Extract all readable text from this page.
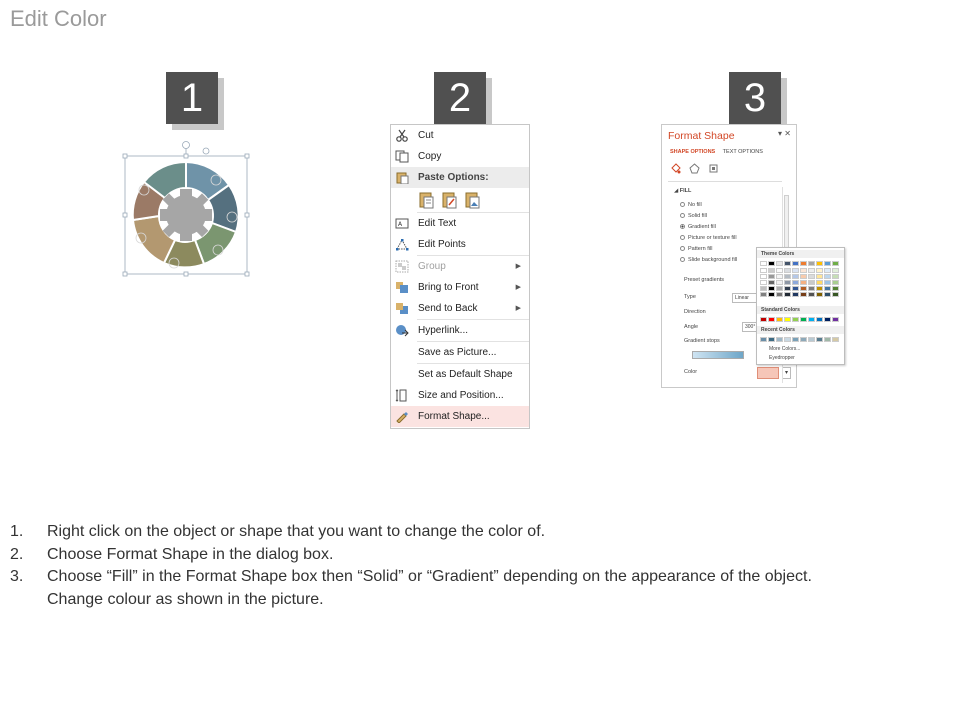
Edit Color
1	2	3
Cut
Copy
Paste Options:
A Edit Text
Edit Points
Group	▶
Bring to Front	▶
Send to Back	▶
Hyperlink...
Save as Picture...
Set as Default Shape
Size and Position...
Format Shape...
Format Shape	▾ ✕
SHAPE OPTIONS TEXT OPTIONS
◢ FILL
No fill
Solid fill
Gradient fill
Picture or texture fill
Pattern fill
Slide background fill
Preset gradients
Type	Linear
Direction
Angle	300°
Gradient stops
Color	▾
Theme Colors
Standard Colors
Recent Colors
More Colors...
Eyedropper
1. Right click on the object or shape that you want to change the color of.
2. Choose Format Shape in the dialog box.
3. Choose “Fill” in the Format Shape box then “Solid” or “Gradient” depending on the appearance of the object.
Change colour as shown in the picture.
